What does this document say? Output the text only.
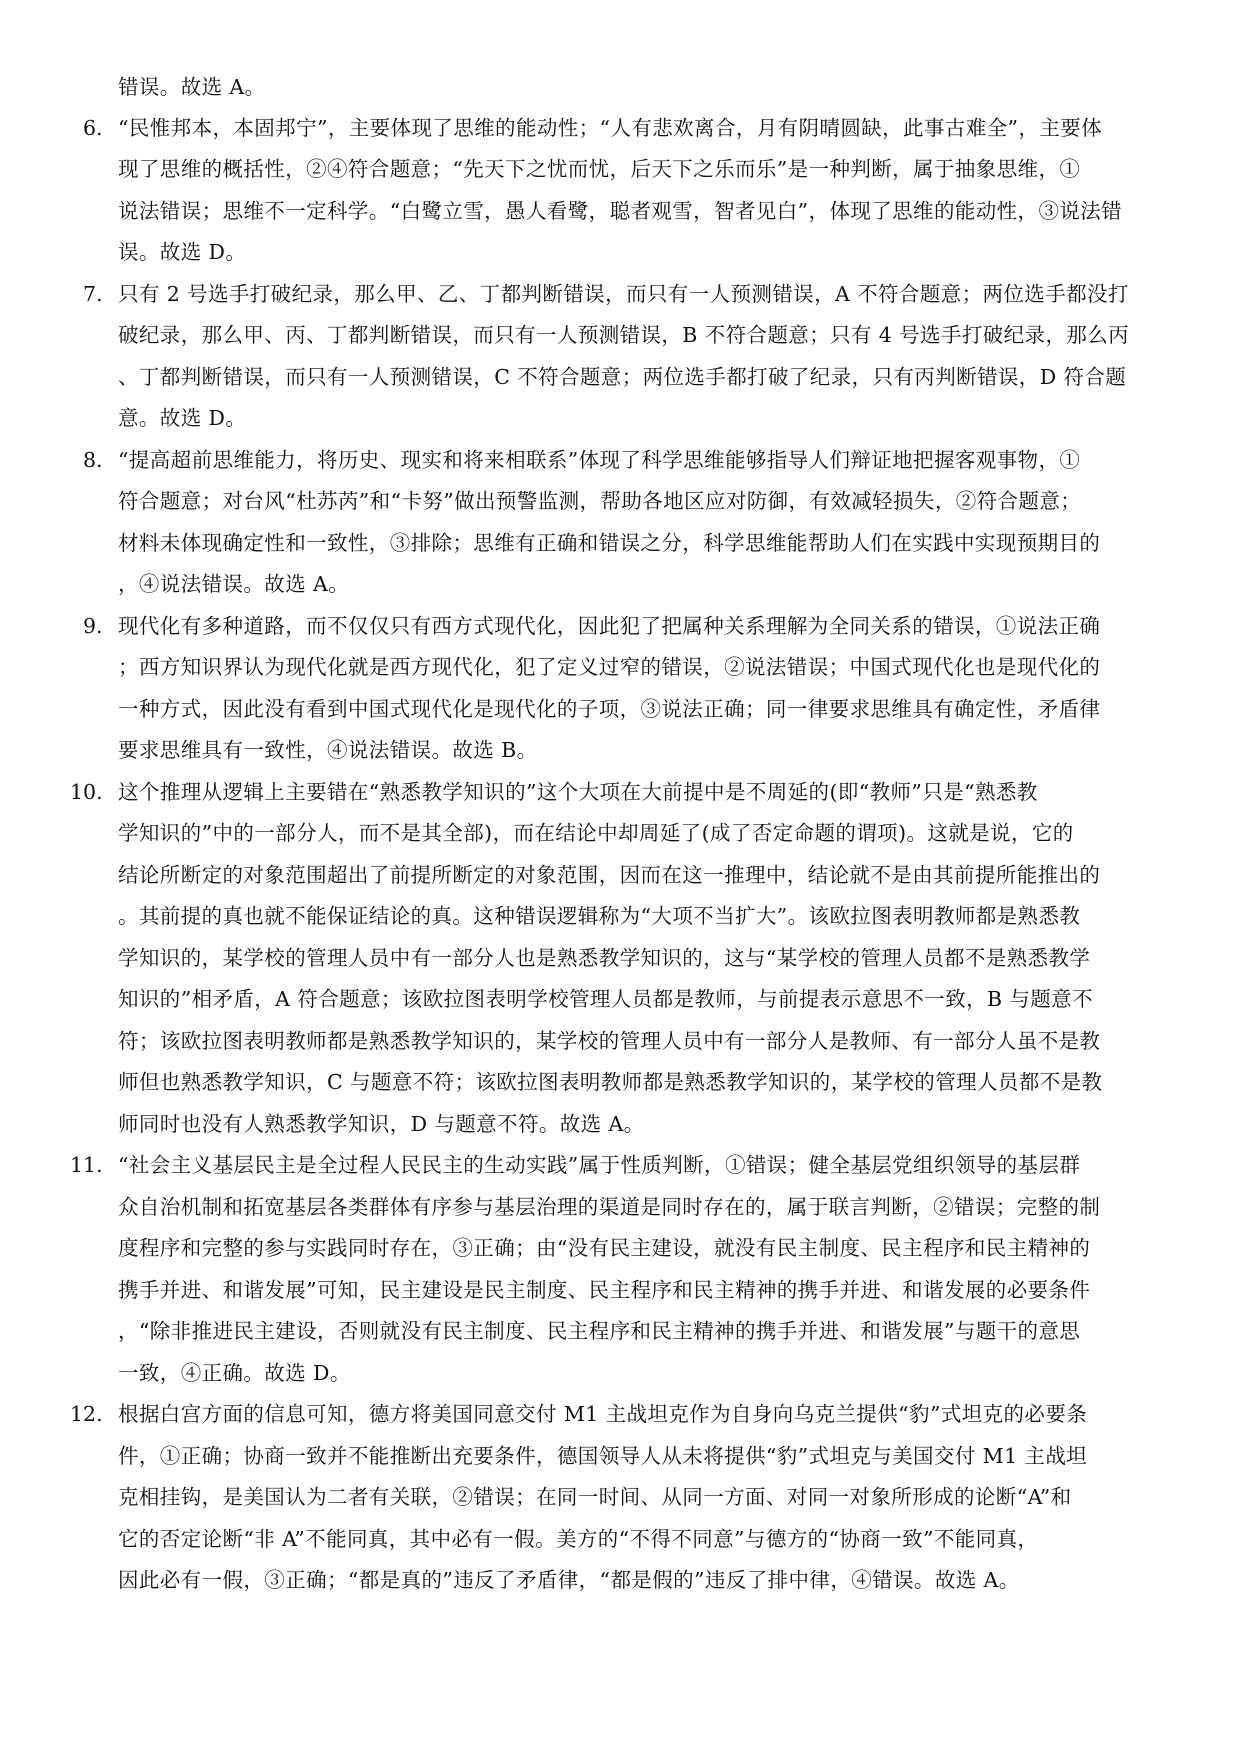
错误。故选 A。
6. “民惟邦本，本固邦宁”，主要体现了思维的能动性；“人有悲欢离合，月有阴晴圆缺，此事古难全”，主要体
现了思维的概括性，②④符合题意；“先天下之忧而忧，后天下之乐而乐”是一种判断，属于抽象思维，①
说法错误；思维不一定科学。“白鹭立雪，愚人看鹭，聪者观雪，智者见白”，体现了思维的能动性，③说法错
误。故选 D。
7. 只有 2 号选手打破纪录，那么甲、乙、丁都判断错误，而只有一人预测错误，A 不符合题意；两位选手都没打
破纪录，那么甲、丙、丁都判断错误，而只有一人预测错误，B 不符合题意；只有 4 号选手打破纪录，那么丙
、丁都判断错误，而只有一人预测错误，C 不符合题意；两位选手都打破了纪录，只有丙判断错误，D 符合题
意。故选 D。
8. “提高超前思维能力，将历史、现实和将来相联系”体现了科学思维能够指导人们辩证地把握客观事物，①
符合题意；对台风“杜苏芮”和“卡努”做出预警监测，帮助各地区应对防御，有效减轻损失，②符合题意；
材料未体现确定性和一致性，③排除；思维有正确和错误之分，科学思维能帮助人们在实践中实现预期目的
，④说法错误。故选 A。
9. 现代化有多种道路，而不仅仅只有西方式现代化，因此犯了把属种关系理解为全同关系的错误，①说法正确
；西方知识界认为现代化就是西方现代化，犯了定义过窄的错误，②说法错误；中国式现代化也是现代化的
一种方式，因此没有看到中国式现代化是现代化的子项，③说法正确；同一律要求思维具有确定性，矛盾律
要求思维具有一致性，④说法错误。故选 B。
10. 这个推理从逻辑上主要错在“熟悉教学知识的”这个大项在大前提中是不周延的(即“教师”只是“熟悉教
学知识的”中的一部分人，而不是其全部)，而在结论中却周延了(成了否定命题的谓项)。这就是说，它的
结论所断定的对象范围超出了前提所断定的对象范围，因而在这一推理中，结论就不是由其前提所能推出的
。其前提的真也就不能保证结论的真。这种错误逻辑称为“大项不当扩大”。该欧拉图表明教师都是熟悉教
学知识的，某学校的管理人员中有一部分人也是熟悉教学知识的，这与“某学校的管理人员都不是熟悉教学
知识的”相矛盾，A 符合题意；该欧拉图表明学校管理人员都是教师，与前提表示意思不一致，B 与题意不
符；该欧拉图表明教师都是熟悉教学知识的，某学校的管理人员中有一部分人是教师、有一部分人虽不是教
师但也熟悉教学知识，C 与题意不符；该欧拉图表明教师都是熟悉教学知识的，某学校的管理人员都不是教
师同时也没有人熟悉教学知识，D 与题意不符。故选 A。
11. “社会主义基层民主是全过程人民民主的生动实践”属于性质判断，①错误；健全基层党组织领导的基层群
众自治机制和拓宽基层各类群体有序参与基层治理的渠道是同时存在的，属于联言判断，②错误；完整的制
度程序和完整的参与实践同时存在，③正确；由“没有民主建设，就没有民主制度、民主程序和民主精神的
携手并进、和谐发展”可知，民主建设是民主制度、民主程序和民主精神的携手并进、和谐发展的必要条件
，“除非推进民主建设，否则就没有民主制度、民主程序和民主精神的携手并进、和谐发展”与题干的意思
一致，④正确。故选 D。
12. 根据白宫方面的信息可知，德方将美国同意交付 M1 主战坦克作为自身向乌克兰提供“豹”式坦克的必要条
件，①正确；协商一致并不能推断出充要条件，德国领导人从未将提供“豹”式坦克与美国交付 M1 主战坦
克相挂钩，是美国认为二者有关联，②错误；在同一时间、从同一方面、对同一对象所形成的论断“A”和
它的否定论断“非 A”不能同真，其中必有一假。美方的“不得不同意”与德方的“协商一致”不能同真，
因此必有一假，③正确；“都是真的”违反了矛盾律，“都是假的”违反了排中律，④错误。故选 A。
